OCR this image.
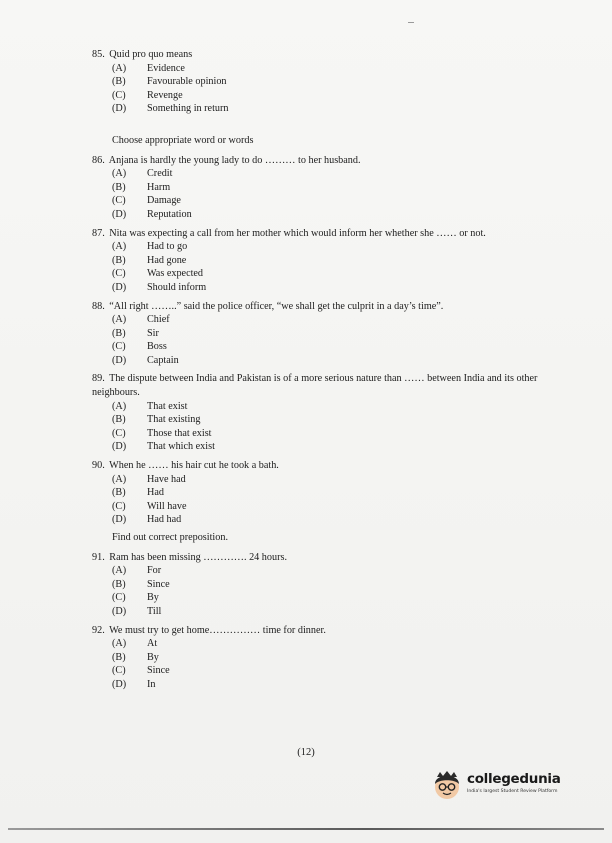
85. Quid pro quo means
(A)	Evidence
(B)	Favourable opinion
(C)	Revenge
(D)	Something in return

Choose appropriate word or words

86. Anjana is hardly the young lady to do ……… to her husband.
(A)	Credit
(B)	Harm
(C)	Damage
(D)	Reputation
87. Nita was expecting a call from her mother which would inform her whether she …… or not.
(A)	Had to go
(B)	Had gone
(C)	Was expected
(D)	Should inform
88. “All right ……..” said the police officer, “we shall get the culprit in a day’s time”.
(A)	Chief
(B)	Sir
(C)	Boss
(D)	Captain
89. The dispute between India and Pakistan is of a more serious nature than …… between India and its other neighbours.
(A)	That exist
(B)	That existing
(C)	Those that exist
(D)	That which exist
90. When he …… his hair cut he took a bath.
(A)	Have had
(B)	Had
(C)	Will have
(D)	Had had

Find out correct preposition.

91. Ram has been missing …………. 24 hours.
(A)	For
(B)	Since
(C)	By
(D)	Till
92. We must try to get home…………… time for dinner.
(A)	At
(B)	By
(C)	Since
(D)	In
(12)
collegedunia
India's largest Student Review Platform
